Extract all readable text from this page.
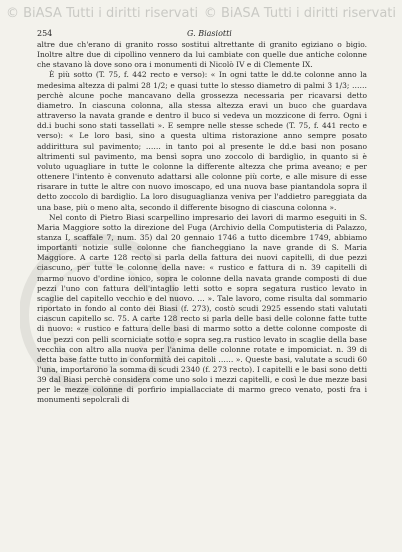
© BiASA Tutti i diritti riservati © BiASA Tutti i diritti riservati
254	G. Biasiotti

altre due ch'erano di granito rosso sostitui altrettante di granito egiziano o bigio. Inoltre altre due di cipollino vennero da lui cambiate con quelle due antiche colonne che stavano là dove sono ora i monumenti di Nicolò IV e di Clemente IX.

È più sotto (T. 75, f. 442 recto e verso): « In ogni tatte le dd.te colonne anno la medesima altezza di palmi 28 1/2; e quasi tutte lo stesso diametro di palmi 3 1/3; …… perchè alcune poche mancavano della grossezza necessaria per ricavarsi detto diametro. In ciascuna colonna, alla stessa altezza eravi un buco che guardava attraverso la navata grande e dentro il buco si vedeva un mozzicone di ferro. Ogni i dd.i buchi sono stati tassellati ». E sempre nelle stesse schede (T. 75, f. 441 recto e verso): « Le loro basi, sino a questa ultima ristorazione anno sempre posato addirittura sul pavimento; …… in tanto poi al presente le dd.e basi non posano altrimenti sul pavimento, ma bensì sopra uno zoccolo di bardiglio, in quanto si è voluto uguagliare in tutte le colonne la differente altezza che prima aveano; e per ottenere l'intento è convenuto adattarsi alle colonne più corte, e alle misure di esse risarare in tutte le altre con nuovo imoscapo, ed una nuova base piantandola sopra il detto zoccolo di bardiglio. La loro disuguaglianza veniva per l'addietro pareggiata da una base, più o meno alta, secondo il differente bisogno di ciascuna colonna ».

Nel conto di Pietro Biasi scarpellino impresario dei lavori di marmo eseguiti in S. Maria Maggiore sotto la direzione del Fuga (Archivio della Computisteria di Palazzo, stanza I, scaffale 7, num. 35) dal 20 gennaio 1746 a tutto dicembre 1749, abbiamo importanti notizie sulle colonne che fiancheggiano la nave grande di S. Maria Maggiore. A carte 128 recto si parla della fattura dei nuovi capitelli, di due pezzi ciascuno, per tutte le colonne della nave: « rustico e fattura di n. 39 capitelli di marmo nuovo d'ordine ionico, sopra le colonne della navata grande composti di due pezzi l'uno con fattura dell'intaglio letti sotto e sopra segatura rustico levato in scaglie del capitello vecchio e del nuovo. … ». Tale lavoro, come risulta dal sommario riportato in fondo al conto dei Biasi (f. 273), costò scudi 2925 essendo stati valutati ciascun capitello sc. 75. A carte 128 recto si parla delle basi delle colonne fatte tutte di nuovo: « rustico e fattura delle basi di marmo sotto a dette colonne composte di due pezzi con pelli scorniciate sotto e sopra seg.ra rustico levato in scaglie della base vecchia con altro alla nuova per l'anima delle colonne rotate e impomiciat. n. 39 di detta base fatte tutto in conformità dei capitoli …… ». Queste basi, valutate a scudi 60 l'una, importarono la somma di scudi 2340 (f. 273 recto). I capitelli e le basi sono detti 39 dal Biasi perchè considera come uno solo i mezzi capitelli, e così le due mezze basi per le mezze colonne di porfirio impiallacciate di marmo greco venato, posti fra i monumenti sepolcrali di
